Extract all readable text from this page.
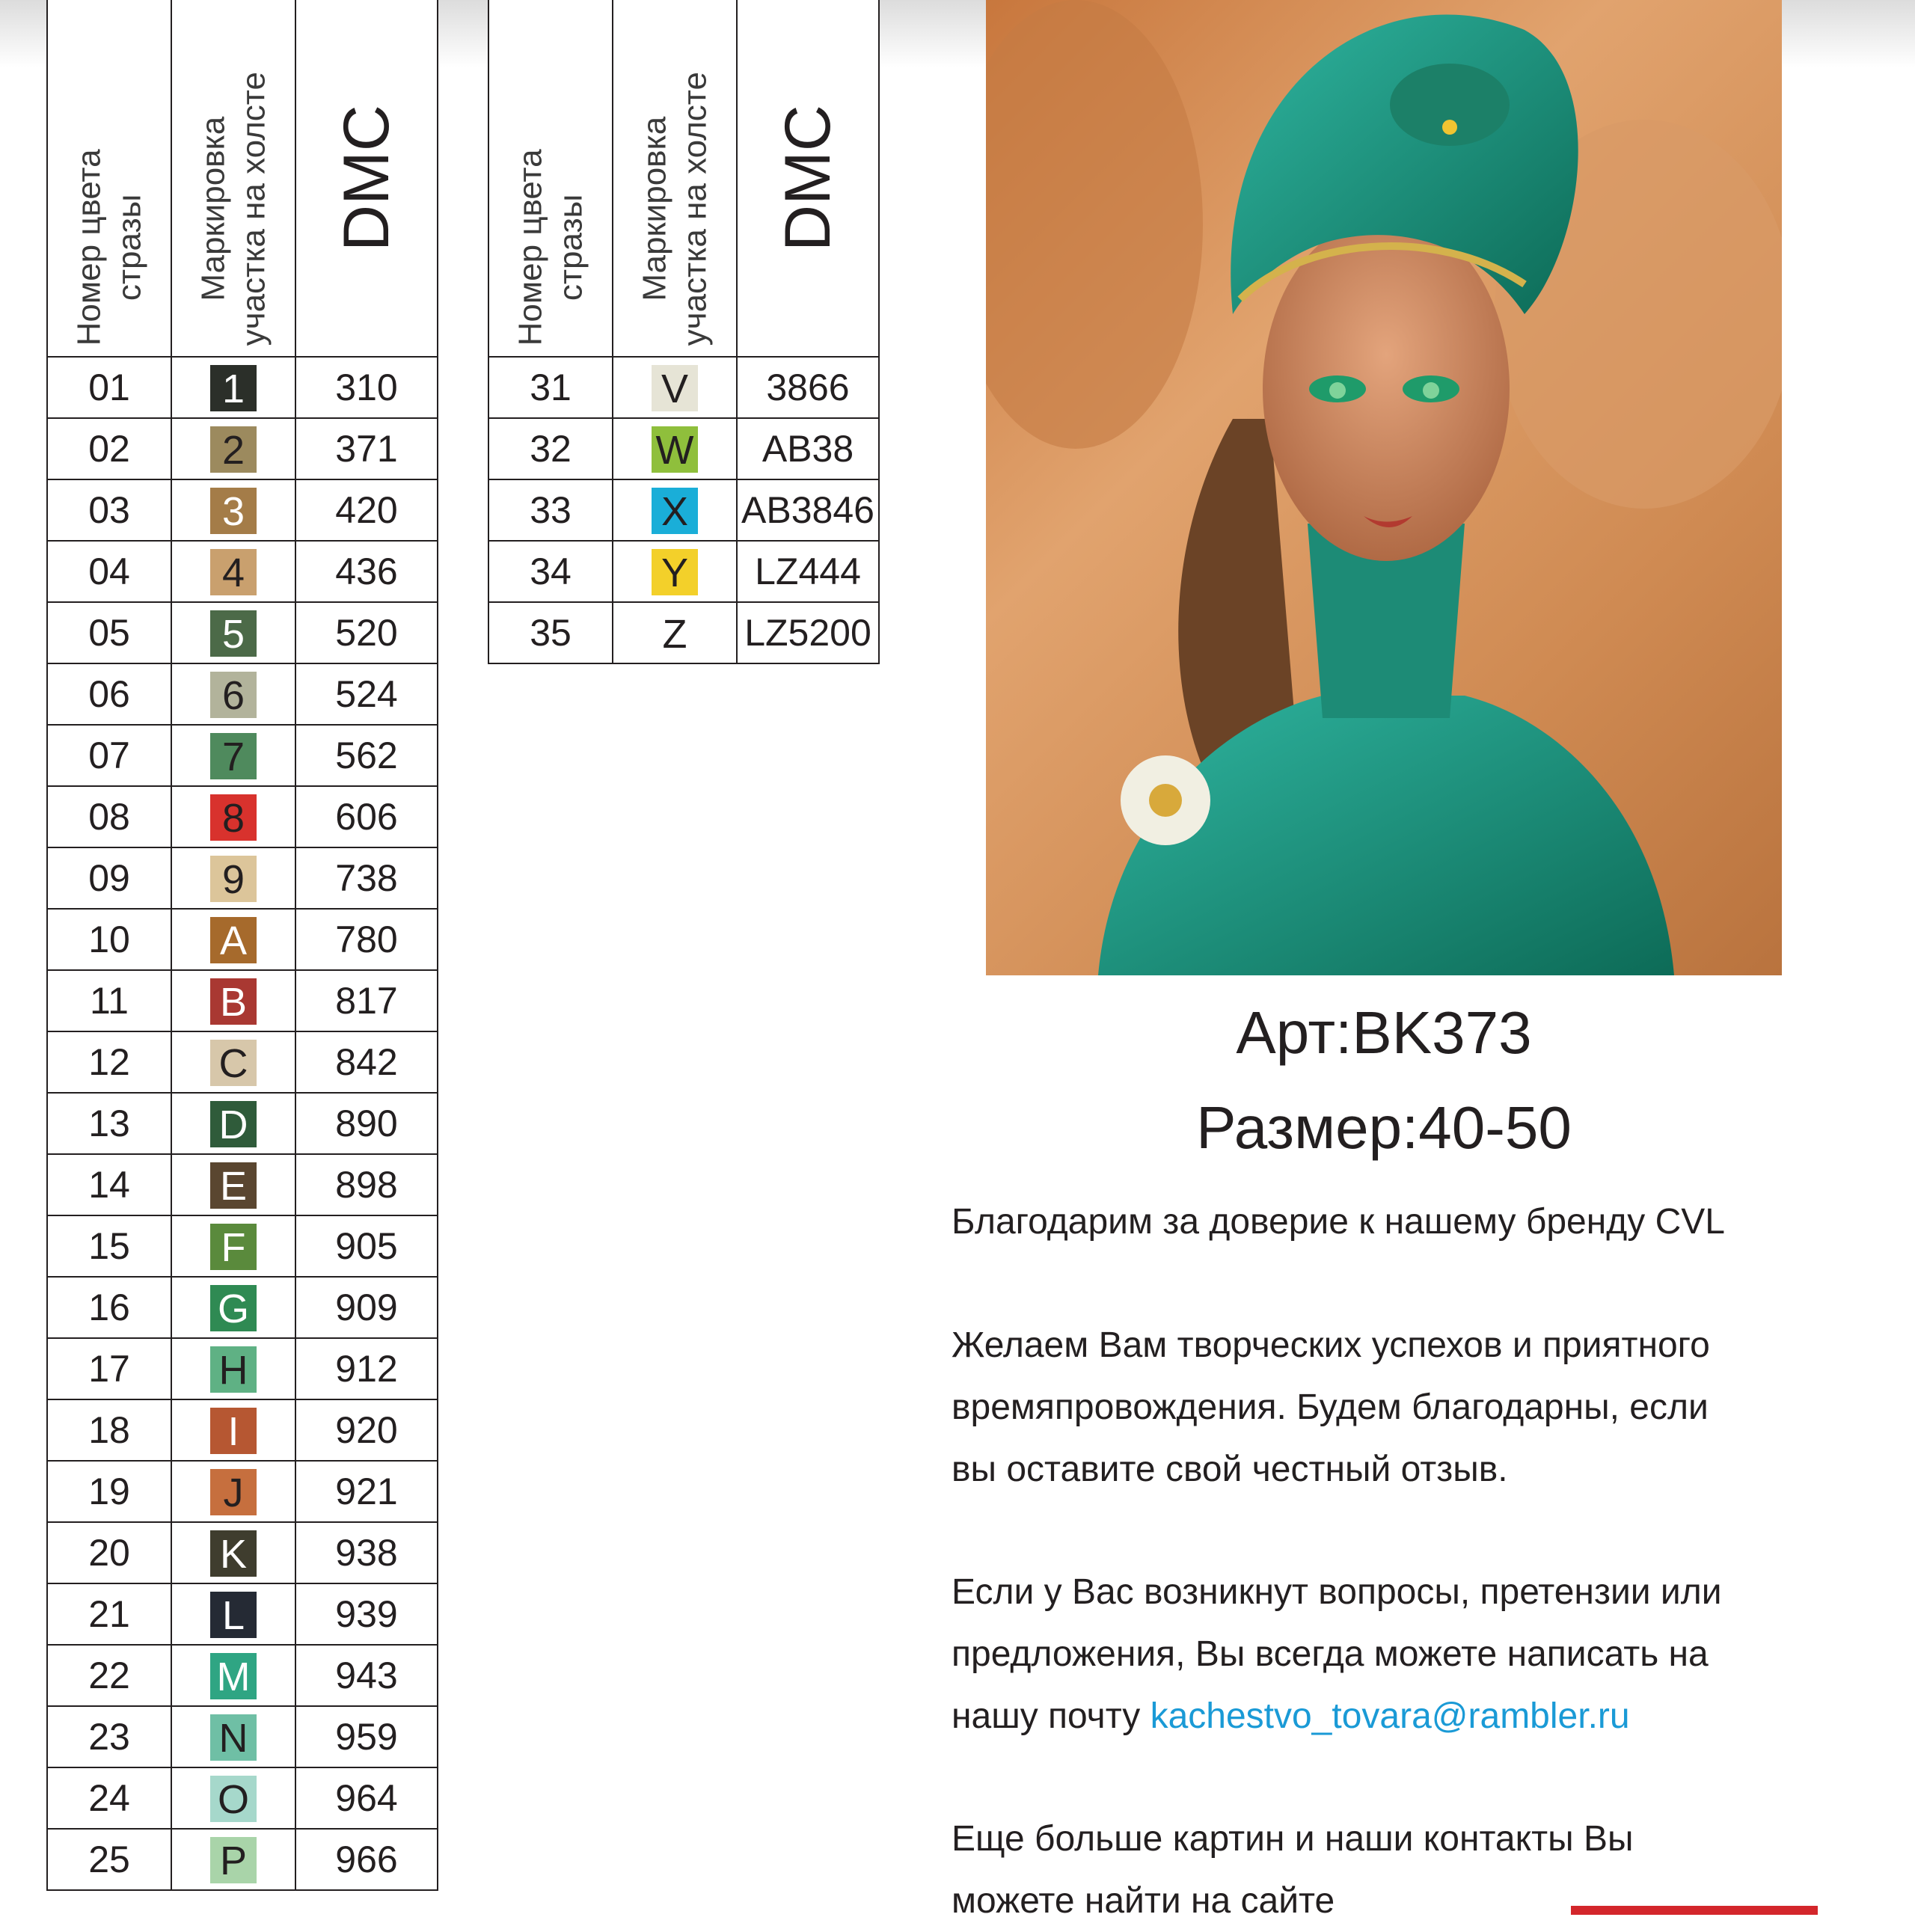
Номер цвета стразы	Маркировка участка на холсте	DMC

01	1	310
02	2	371
03	3	420
04	4	436
05	5	520
06	6	524
07	7	562
08	8	606
09	9	738
10	A	780
11	B	817
12	C	842
13	D	890
14	E	898
15	F	905
16	G	909
17	H	912
18	I	920
19	J	921
20	K	938
21	L	939
22	M	943
23	N	959
24	O	964
25	P	966
Номер цвета стразы	Маркировка участка на холсте	DMC

31	V	3866
32	W	AB38
33	X	AB3846
34	Y	LZ444
35	Z	LZ5200
Арт:BK373
Размер:40-50
Благодарим за доверие к нашему бренду CVL
Желаем Вам творческих успехов и приятного
времяпровождения. Будем благодарны, если
вы оставите свой честный отзыв.
Если у Вас возникнут вопросы, претензии или
предложения, Вы всегда можете написать на
нашу почту kachestvo_tovara@rambler.ru
Еще больше картин и наши контакты Вы
можете найти на сайте
